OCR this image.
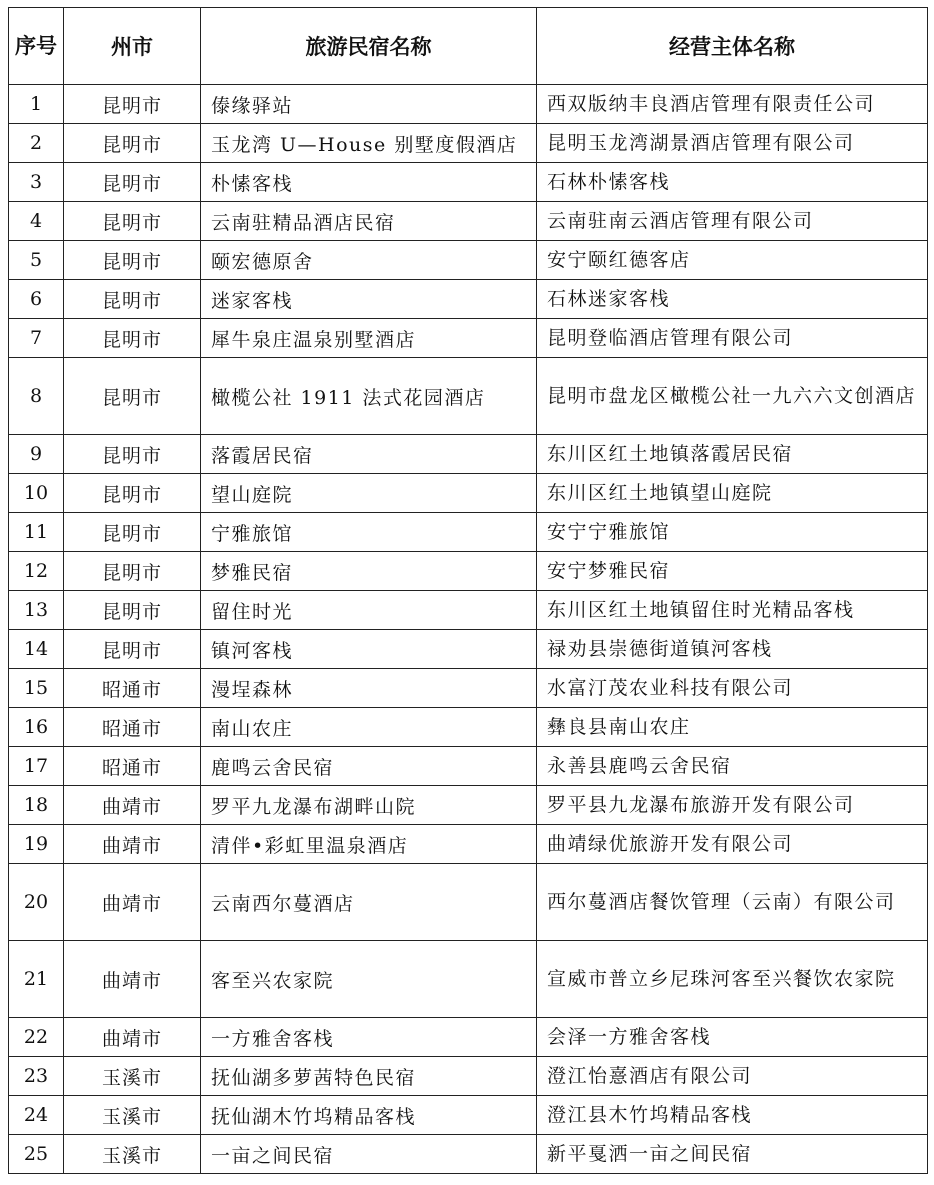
序号	州市	旅游民宿名称	经营主体名称
1	昆明市	傣缘驿站	西双版纳丰良酒店管理有限责任公司
2	昆明市	玉龙湾 U—House 别墅度假酒店	昆明玉龙湾湖景酒店管理有限公司
3	昆明市	朴愫客栈	石林朴愫客栈
4	昆明市	云南驻精品酒店民宿	云南驻南云酒店管理有限公司
5	昆明市	颐宏德原舍	安宁颐红德客店
6	昆明市	迷家客栈	石林迷家客栈
7	昆明市	犀牛泉庄温泉别墅酒店	昆明登临酒店管理有限公司
8	昆明市	橄榄公社 1911 法式花园酒店	昆明市盘龙区橄榄公社一九六六文创酒店
9	昆明市	落霞居民宿	东川区红土地镇落霞居民宿
10	昆明市	望山庭院	东川区红土地镇望山庭院
11	昆明市	宁雅旅馆	安宁宁雅旅馆
12	昆明市	梦雅民宿	安宁梦雅民宿
13	昆明市	留住时光	东川区红土地镇留住时光精品客栈
14	昆明市	镇河客栈	禄劝县崇德街道镇河客栈
15	昭通市	漫埕森林	水富汀茂农业科技有限公司
16	昭通市	南山农庄	彝良县南山农庄
17	昭通市	鹿鸣云舍民宿	永善县鹿鸣云舍民宿
18	曲靖市	罗平九龙瀑布湖畔山院	罗平县九龙瀑布旅游开发有限公司
19	曲靖市	清伴•彩虹里温泉酒店	曲靖绿优旅游开发有限公司
20	曲靖市	云南西尔蔓酒店	西尔蔓酒店餐饮管理（云南）有限公司
21	曲靖市	客至兴农家院	宣威市普立乡尼珠河客至兴餐饮农家院
22	曲靖市	一方雅舍客栈	会泽一方雅舍客栈
23	玉溪市	抚仙湖多萝茜特色民宿	澄江怡憙酒店有限公司
24	玉溪市	抚仙湖木竹坞精品客栈	澄江县木竹坞精品客栈
25	玉溪市	一亩之间民宿	新平戛洒一亩之间民宿
